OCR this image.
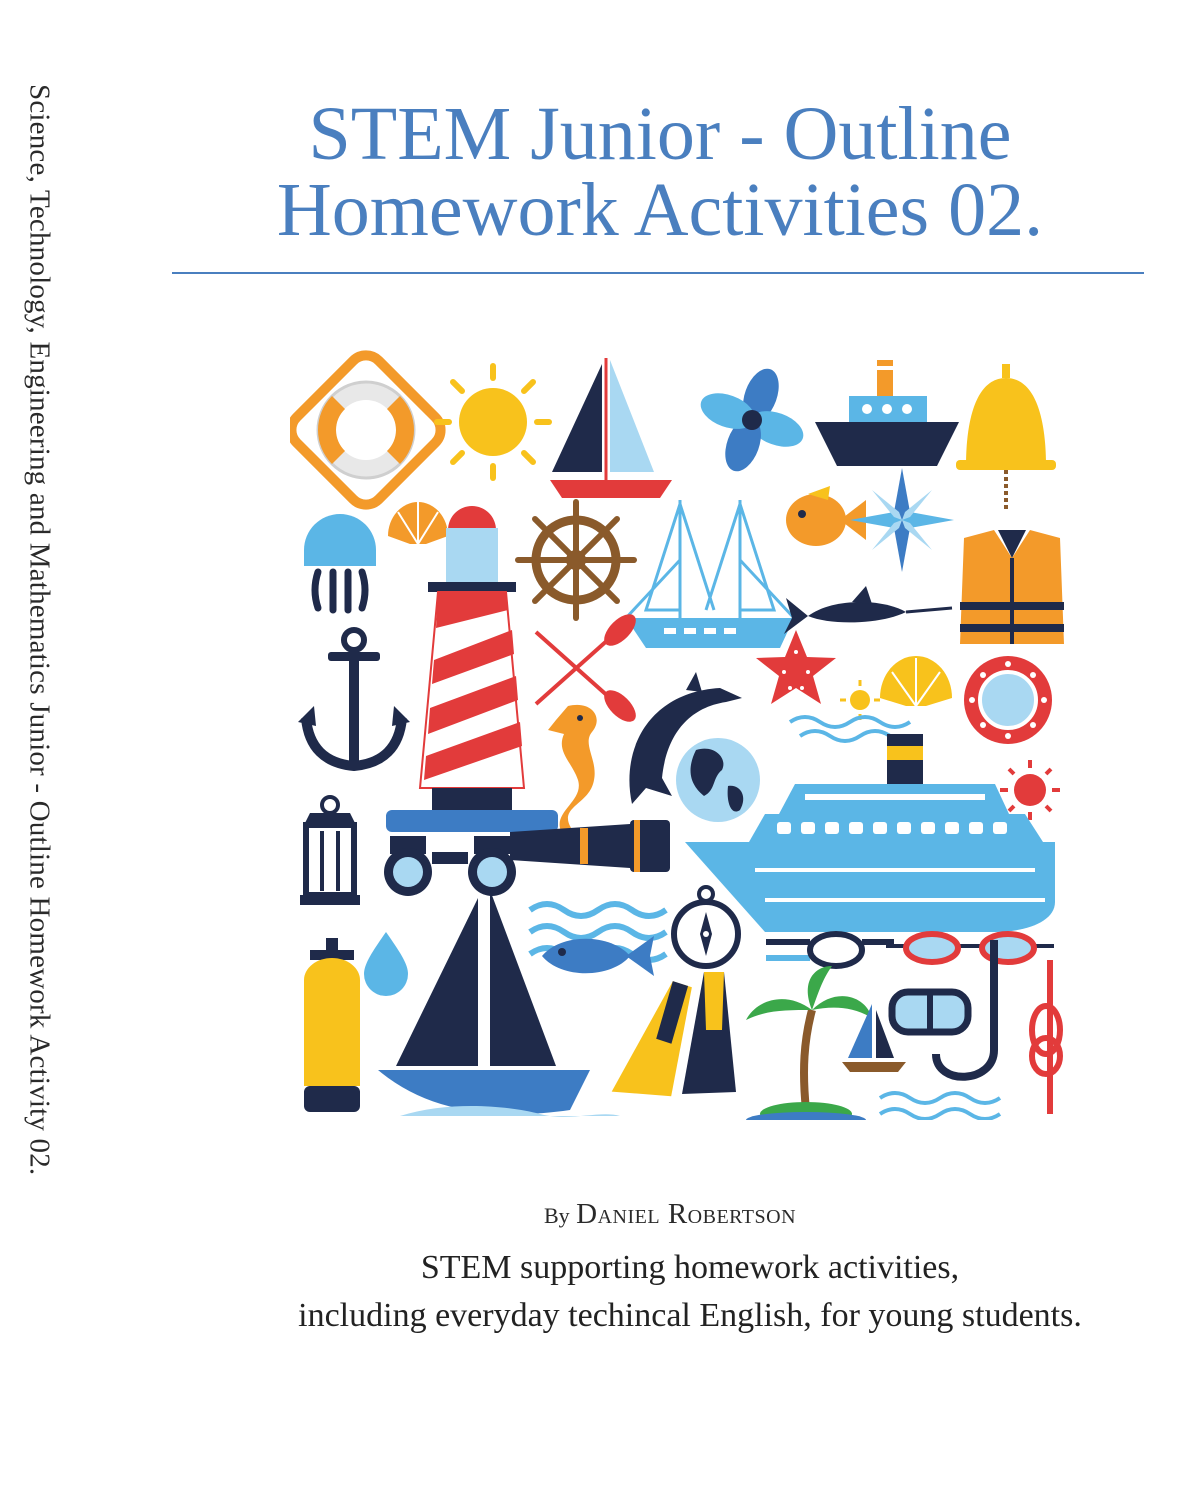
Science, Technology, Engineering and Mathematics Junior - Outline Homework Activity 02.	STEM Junior - Outline
Homework Activities 02.
By Daniel Robertson
STEM supporting homework activities,
including everyday techincal English, for young students.
